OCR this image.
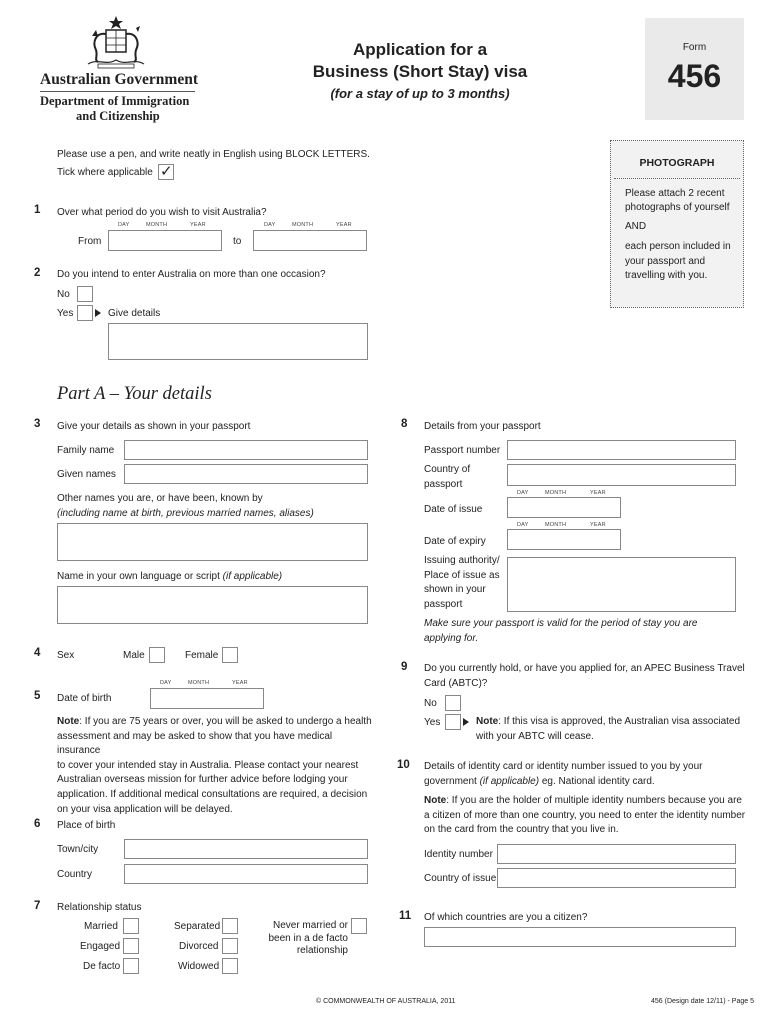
Australian Government
Department of Immigration
and Citizenship
Application for a
Business (Short Stay) visa
(for a stay of up to 3 months)
Form
456
Please use a pen, and write neatly in English using BLOCK LETTERS.
Tick where applicable ✓	PHOTOGRAPH
Please attach 2 recent
photographs of yourself
AND
each person included in
your passport and
travelling with you.
1 Over what period do you wish to visit Australia?
DAY	MONTH	YEAR
From
DAY	MONTH	YEAR
to
2 Do you intend to enter Australia on more than one occasion?
No
Yes	Give details
Part A – Your details
3 Give your details as shown in your passport
Family name
Given names
Other names you are, or have been, known by
(including name at birth, previous married names, aliases)
Name in your own language or script (if applicable)
4 Sex	Male	Female
DAY	MONTH	YEAR
5 Date of birth
Note: If you are 75 years or over, you will be asked to undergo a health
assessment and may be asked to show that you have medical insurance
to cover your intended stay in Australia. Please contact your nearest
Australian overseas mission for further advice before lodging your
application. If additional medical consultations are required, a decision
on your visa application will be delayed.
6 Place of birth
Town/city
Country
7 Relationship status
Married
Engaged
De facto
Separated
Divorced
Widowed
Never married or
been in a de facto
relationship
8 Details from your passport
Passport number
Country of
passport
DAY	MONTH	YEAR
Date of issue
DAY	MONTH	YEAR
Date of expiry
Issuing authority/
Place of issue as
shown in your
passport
Make sure your passport is valid for the period of stay you are
applying for.
9 Do you currently hold, or have you applied for, an APEC Business Travel
Card (ABTC)?
No
Yes	Note: If this visa is approved, the Australian visa associated
with your ABTC will cease.
10 Details of identity card or identity number issued to you by your
government (if applicable) eg. National identity card.
Note: If you are the holder of multiple identity numbers because you are
a citizen of more than one country, you need to enter the identity number
on the card from the country that you live in.
Identity number
Country of issue
11 Of which countries are you a citizen?
© COMMONWEALTH OF AUSTRALIA, 2011	456 (Design date 12/11) - Page 5
